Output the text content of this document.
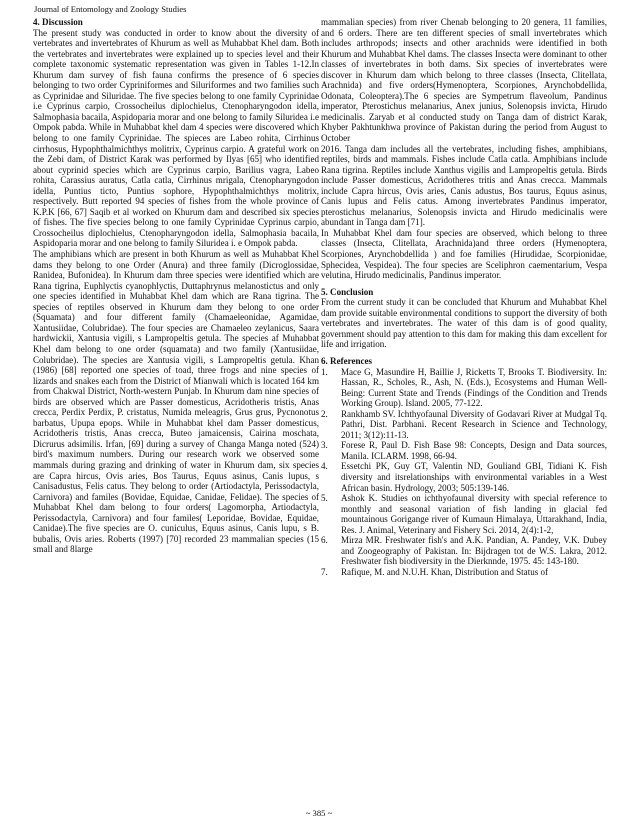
Journal of Entomology and Zoology Studies
4. Discussion

The present study was conducted in order to know about the diversity of vertebrates and invertebrates of Khurum as well as Muhabbat Khel dam. Both the vertebrates and invertebrates were explained up to species level and their complete taxonomic systematic representation was given in Tables 1-12.In Khurum dam survey of fish fauna confirms the presence of 6 species belonging to two order Cypriniformes and Siluriformes and two families such as Cyprinidae and Siluridae. The five species belong to one family Cyprinidae i.e Cyprinus carpio, Crossocheilus diplochielus, Ctenopharyngodon idella, Salmophasia bacaila, Aspidoparia morar and one belong to family Siluridea i.e Ompok pabda. While in Muhabbat khel dam 4 species were discovered which belong to one family Cyprinidae. The spieces are Labeo rohita, Cirrhinus cirrhosus, Hypophthalmichthys molitrix, Cyprinus carpio. A grateful work on the Zebi dam, of District Karak was performed by Ilyas [65] who identified about cyprinid species which are Cyprinus carpio, Barilius vagra, Labeo rohita, Carassius auratus, Catla catla, Cirrhinus mrigala, Ctenopharyngodon idella, Puntius ticto, Puntius sophore, Hypophthalmichthys molitrix, respectively. Butt reported 94 species of fishes from the whole province of K.P.K [66, 67] Saqib et al worked on Khurum dam and described six species of fishes. The five species belong to one family Cyprinidae Cyprinus carpio, Crossocheilus diplochielus, Ctenopharyngodon idella, Salmophasia bacaila, Aspidoparia morar and one belong to family Siluridea i. e Ompok pabda.

The amphibians which are present in both Khurum as well as Muhabbat Khel dams they belong to one Order (Anura) and three family (Dicroglossidae, Ranidea, Bufonidea). In Khurum dam three species were identified which are Rana tigrina, Euphlyctis cyanophlyctis, Duttaphrynus melanostictus and only one species identified in Muhabbat Khel dam which are Rana tigrina. The species of reptiles observed in Khurum dam they belong to one order (Squamata) and four different family (Chamaeleonidae, Agamidae, Xantusiidae, Colubridae). The four species are Chamaeleo zeylanicus, Saara hardwickii, Xantusia vigili, s Lampropeltis getula. The species af Muhabbat Khel dam belong to one order (squamata) and two family (Xantusiidae, Colubridae). The species are Xantusia vigili, s Lampropeltis getula. Khan (1986) [68] reported one species of toad, three frogs and nine species of lizards and snakes each from the District of Mianwali which is located 164 km from Chakwal District, North-western Punjab. In Khurum dam nine species of birds are observed which are Passer domesticus, Acridotheris tristis, Anas crecca, Perdix Perdix, P. cristatus, Numida meleagris, Grus grus, Pycnonotus barbatus, Upupa epops. While in Muhabbat khel dam Passer domesticus, Acridotheris tristis, Anas crecca, Buteo jamaicensis, Cairina moschata, Dicrurus adsimilis. Irfan, [69] during a survey of Changa Manga noted (524) bird's maximum numbers. During our research work we observed some mammals during grazing and drinking of water in Khurum dam, six species are Capra hircus, Ovis aries, Bos Taurus, Equus asinus, Canis lupus, s Canisadustus, Felis catus. They belong to order (Artiodactyla, Perissodactyla, Carnivora) and familes (Bovidae, Equidae, Canidae, Felidae). The species of Muhabbat Khel dam belong to four orders( Lagomorpha, Artiodactyla, Perissodactyla, Carnivora) and four familes( Leporidae, Bovidae, Equidae, Canidae).The five species are O. cuniculus, Equus asinus, Canis lupu, s B. bubalis, Ovis aries. Roberts (1997) [70] recorded 23 mammalian species (15 small and 8large

mammalian species) from river Chenab belonging to 20 genera, 11 families, and 6 orders. There are ten different species of small invertebrates which includes arthropods; insects and other arachnids were identified in both Khurum and Muhabbat Khel dams. The classes Insecta were dominant to other classes of invertebrates in both dams. Six species of invertebrates were discover in Khurum dam which belong to three classes (Insecta, Clitellata, Arachnida) and five orders(Hymenoptera, Scorpiones, Arynchobdellida, Odonata, Coleoptera).The 6 species are Sympetrum flaveolum, Pandinus imperator, Pterostichus melanarius, Anex junius, Solenopsis invicta, Hirudo medicinalis. Zaryab et al conducted study on Tanga dam of district Karak, Khyber Pakhtunkhwa province of Pakistan during the period from August to October

2016. Tanga dam includes all the vertebrates, including fishes, amphibians, reptiles, birds and mammals. Fishes include Catla catla. Amphibians include Rana tigrina. Reptiles include Xanthus vigilis and Lampropeltis getula. Birds include Passer domesticus, Acridotheres tritis and Anas crecca. Mammals include Capra hircus, Ovis aries, Canis adustus, Bos taurus, Equus asinus, Canis lupus and Felis catus. Among invertebrates Pandinus imperator, pterostichus melanarius, Solenopsis invicta and Hirudo medicinalis were abundant in Tanga dam [71].

In Muhabbat Khel dam four species are observed, which belong to three classes (Insecta, Clitellata, Arachnida)and three orders (Hymenoptera, Scorpiones, Arynchobdellida ) and foe families (Hirudidae, Scorpionidae, Sphecidea, Vespidea). The four species are Sceliphron caementarium, Vespa velutina, Hirudo medicinalis, Pandinus imperator.

5. Conclusion

From the current study it can be concluded that Khurum and Muhabbat Khel dam provide suitable environmental conditions to support the diversity of both vertebrates and invertebrates. The water of this dam is of good quality, government should pay attention to this dam for making this dam excellent for life and irrigation.

6. References
1. Mace G, Masundire H, Baillie J, Ricketts T, Brooks T. Biodiversity. In: Hassan, R., Scholes, R., Ash, N. (Eds.), Ecosystems and Human Well- Being: Current State and Trends (Findings of the Condition and Trends Working Group). Island. 2005, 77-122.
2. Rankhamb SV. Ichthyofaunal Diversity of Godavari River at Mudgal Tq. Pathri, Dist. Parbhani. Recent Research in Science and Technology, 2011; 3(12):11-13.
3. Forese R, Paul D. Fish Base 98: Concepts, Design and Data sources, Manila. ICLARM. 1998, 66-94.
4. Essetchi PK, Guy GT, Valentin ND, Gouliand GBI, Tidiani K. Fish diversity and itsrelationships with environmental variables in a West African basin. Hydrology, 2003; 505:139-146.
5. Ashok K. Studies on ichthyofaunal diversity with special reference to monthly and seasonal variation of fish landing in glacial fed mountainous Gorigange river of Kumaun Himalaya, Uttarakhand, India, Res. J. Animal, Veterinary and Fishery Sci. 2014, 2(4):1-2,
6. Mirza MR. Freshwater fish's and A.K. Pandian, A. Pandey, V.K. Dubey and Zoogeography of Pakistan. In: Bijdragen tot de W.S. Lakra, 2012. Freshwater fish biodiversity in the Dierknnde, 1975. 45: 143-180.
7. Rafique, M. and N.U.H. Khan, Distribution and Status of
~ 385 ~
